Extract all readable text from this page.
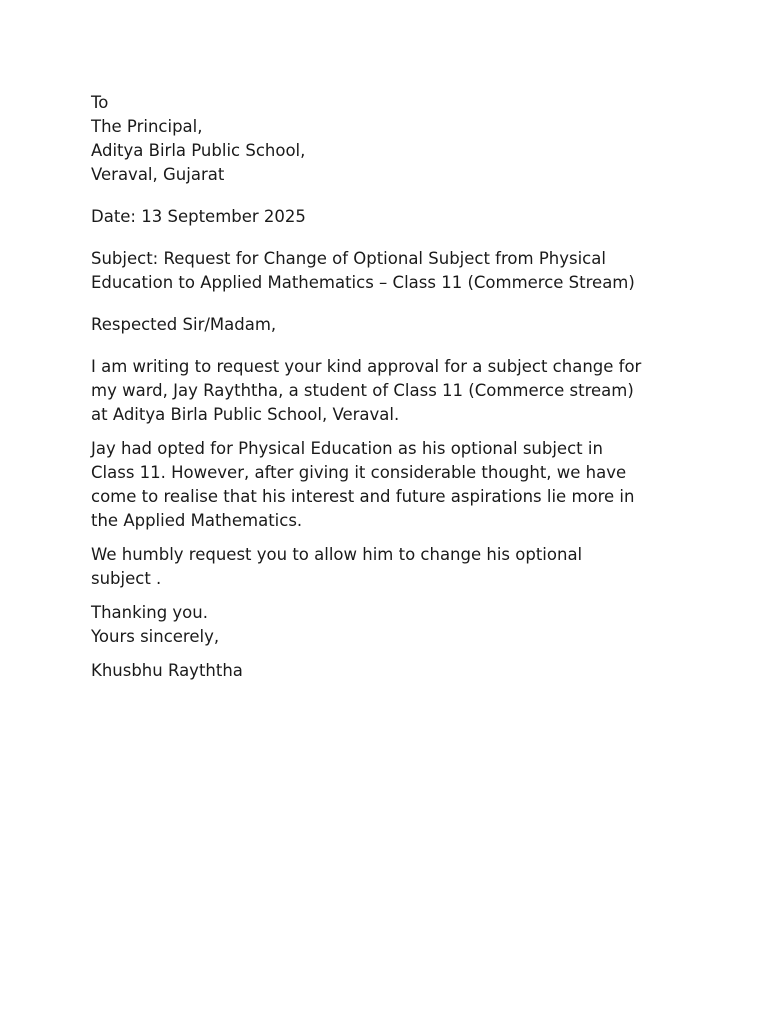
To
The Principal,
Aditya Birla Public School,
Veraval, Gujarat
Date: 13 September 2025
Subject: Request for Change of Optional Subject from Physical
Education to Applied Mathematics – Class 11 (Commerce Stream)
Respected Sir/Madam,
I am writing to request your kind approval for a subject change for
my ward, Jay Rayththa, a student of Class 11 (Commerce stream)
at Aditya Birla Public School, Veraval.
Jay had opted for Physical Education as his optional subject in
Class 11. However, after giving it considerable thought, we have
come to realise that his interest and future aspirations lie more in
the Applied Mathematics.
We humbly request you to allow him to change his optional
subject .
Thanking you.
Yours sincerely,
Khusbhu Rayththa
